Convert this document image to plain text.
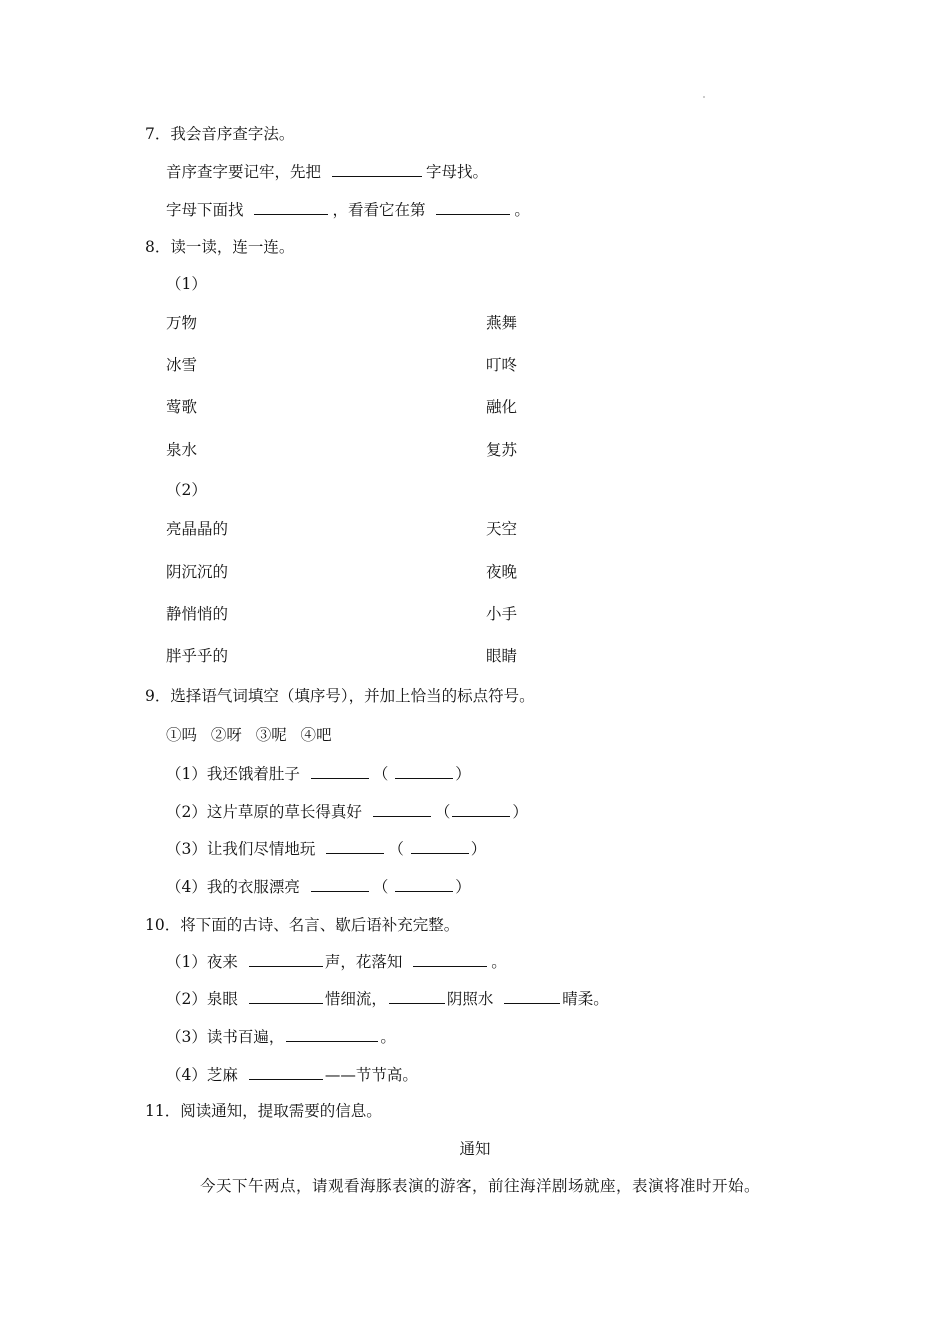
7．我会音序查字法。
音序查字要记牢，先把	字母找。
字母下面找	，看看它在第	。
8．读一读，连一连。
（1）
万物	燕舞
冰雪	叮咚
莺歌	融化
泉水	复苏
（2）
亮晶晶的	天空
阴沉沉的	夜晚
静悄悄的	小手
胖乎乎的	眼睛
9．选择语气词填空（填序号），并加上恰当的标点符号。
①吗  ②呀  ③呢  ④吧
（1）我还饿着肚子	（	）
（2）这片草原的草长得真好	（	）
（3）让我们尽情地玩	（	）
（4）我的衣服漂亮	（	）
10．将下面的古诗、名言、歇后语补充完整。
（1）夜来	声，花落知	。
（2）泉眼	惜细流，	阴照水	晴柔。
（3）读书百遍，	。
（4）芝麻	——节节高。
11．阅读通知，提取需要的信息。
通知
今天下午两点，请观看海豚表演的游客，前往海洋剧场就座，表演将准时开始。
